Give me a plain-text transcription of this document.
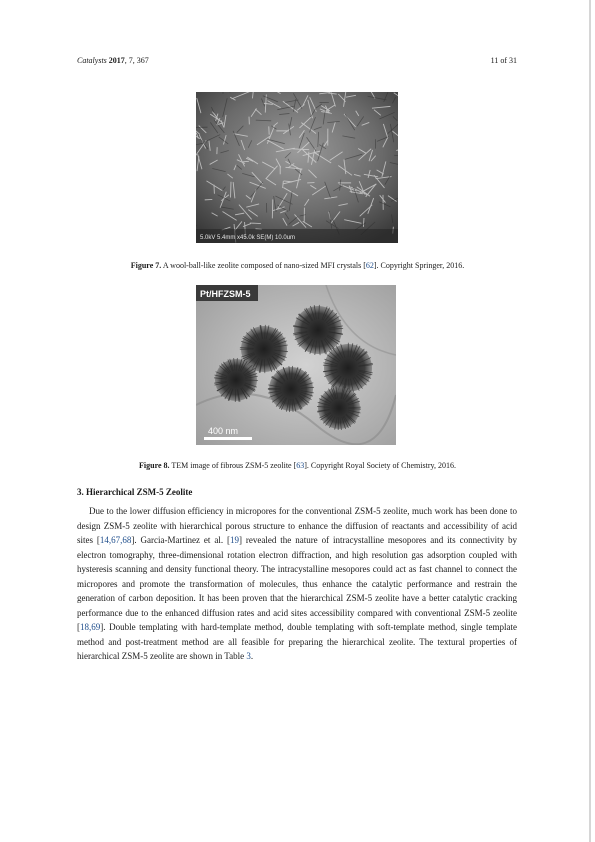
Catalysts 2017, 7, 367	11 of 31
5.0kV 5.4mm x45.0k SE(M) 10.0um
Figure 7. A wool-ball-like zeolite composed of nano-sized MFI crystals [62]. Copyright Springer, 2016.
Pt/HFZSM-5
400 nm
Figure 8. TEM image of fibrous ZSM-5 zeolite [63]. Copyright Royal Society of Chemistry, 2016.
3. Hierarchical ZSM-5 Zeolite

Due to the lower diffusion efficiency in micropores for the conventional ZSM-5 zeolite, much work has been done to design ZSM-5 zeolite with hierarchical porous structure to enhance the diffusion of reactants and accessibility of acid sites [14,67,68]. Garcia-Martinez et al. [19] revealed the nature of intracystalline mesopores and its connectivity by electron tomography, three-dimensional rotation electron diffraction, and high resolution gas adsorption coupled with hysteresis scanning and density functional theory. The intracystalline mesopores could act as fast channel to connect the micropores and promote the transformation of molecules, thus enhance the catalytic performance and restrain the generation of carbon deposition. It has been proven that the hierarchical ZSM-5 zeolite have a better catalytic cracking performance due to the enhanced diffusion rates and acid sites accessibility compared with conventional ZSM-5 zeolite [18,69]. Double templating with hard-template method, double templating with soft-template method, single template method and post-treatment method are all feasible for preparing the hierarchical zeolite. The textural properties of hierarchical ZSM-5 zeolite are shown in Table 3.
